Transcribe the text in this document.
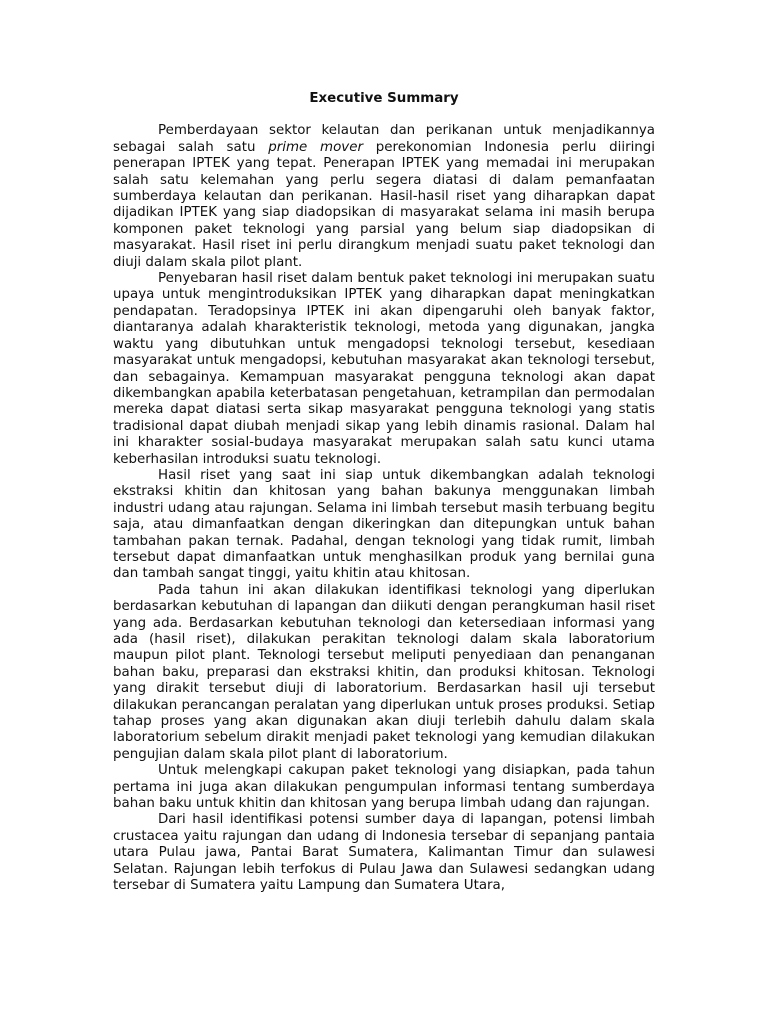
Executive Summary

Pemberdayaan sektor kelautan dan perikanan untuk menjadikannya sebagai salah satu prime mover perekonomian Indonesia perlu diiringi penerapan IPTEK yang tepat. Penerapan IPTEK yang memadai ini merupakan salah satu kelemahan yang perlu segera diatasi di dalam pemanfaatan sumberdaya kelautan dan perikanan. Hasil-hasil riset yang diharapkan dapat dijadikan IPTEK yang siap diadopsikan di masyarakat selama ini masih berupa komponen paket teknologi yang parsial yang belum siap diadopsikan di masyarakat. Hasil riset ini perlu dirangkum menjadi suatu paket teknologi dan diuji dalam skala pilot plant.

Penyebaran hasil riset dalam bentuk paket teknologi ini merupakan suatu upaya untuk mengintroduksikan IPTEK yang diharapkan dapat meningkatkan pendapatan. Teradopsinya IPTEK ini akan dipengaruhi oleh banyak faktor, diantaranya adalah kharakteristik teknologi, metoda yang digunakan, jangka waktu yang dibutuhkan untuk mengadopsi teknologi tersebut, kesediaan masyarakat untuk mengadopsi, kebutuhan masyarakat akan teknologi tersebut, dan sebagainya. Kemampuan masyarakat pengguna teknologi akan dapat dikembangkan apabila keterbatasan pengetahuan, ketrampilan dan permodalan mereka dapat diatasi serta sikap masyarakat pengguna teknologi yang statis tradisional dapat diubah menjadi sikap yang lebih dinamis rasional. Dalam hal ini kharakter sosial-budaya masyarakat merupakan salah satu kunci utama keberhasilan introduksi suatu teknologi.

Hasil riset yang saat ini siap untuk dikembangkan adalah teknologi ekstraksi khitin dan khitosan yang bahan bakunya menggunakan limbah industri udang atau rajungan. Selama ini limbah tersebut masih terbuang begitu saja, atau dimanfaatkan dengan dikeringkan dan ditepungkan untuk bahan tambahan pakan ternak. Padahal, dengan teknologi yang tidak rumit, limbah tersebut dapat dimanfaatkan untuk menghasilkan produk yang bernilai guna dan tambah sangat tinggi, yaitu khitin atau khitosan.

Pada tahun ini akan dilakukan identifikasi teknologi yang diperlukan berdasarkan kebutuhan di lapangan dan diikuti dengan perangkuman hasil riset yang ada. Berdasarkan kebutuhan teknologi dan ketersediaan informasi yang ada (hasil riset), dilakukan perakitan teknologi dalam skala laboratorium maupun pilot plant. Teknologi tersebut meliputi penyediaan dan penanganan bahan baku, preparasi dan ekstraksi khitin, dan produksi khitosan. Teknologi yang dirakit tersebut diuji di laboratorium. Berdasarkan hasil uji tersebut dilakukan perancangan peralatan yang diperlukan untuk proses produksi. Setiap tahap proses yang akan digunakan akan diuji terlebih dahulu dalam skala laboratorium sebelum dirakit menjadi paket teknologi yang kemudian dilakukan pengujian dalam skala pilot plant di laboratorium.

Untuk melengkapi cakupan paket teknologi yang disiapkan, pada tahun pertama ini juga akan dilakukan pengumpulan informasi tentang sumberdaya bahan baku untuk khitin dan khitosan yang berupa limbah udang dan rajungan.

Dari hasil identifikasi potensi sumber daya di lapangan, potensi limbah crustacea yaitu rajungan dan udang di Indonesia tersebar di sepanjang pantaia utara Pulau jawa, Pantai Barat Sumatera, Kalimantan Timur dan sulawesi Selatan. Rajungan lebih terfokus di Pulau Jawa dan Sulawesi sedangkan udang tersebar di Sumatera yaitu Lampung dan Sumatera Utara,
